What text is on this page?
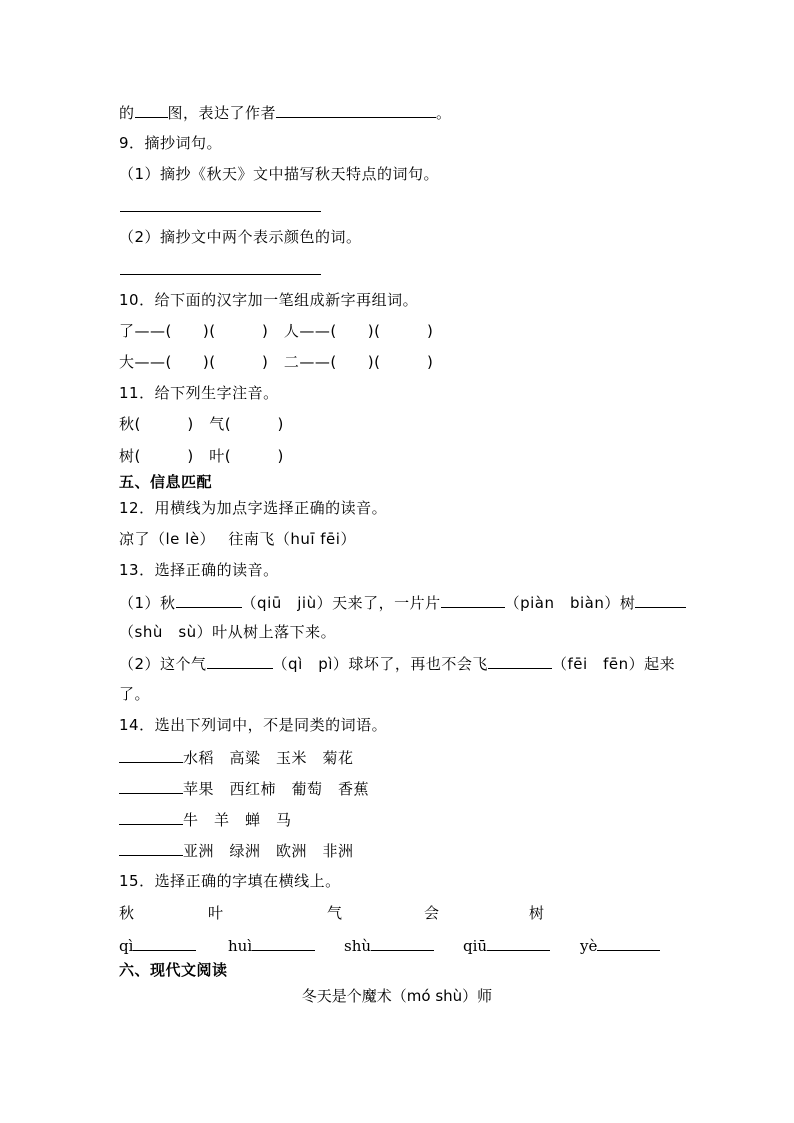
的 图，表达了作者	。
9．摘抄词句。
（1）摘抄《秋天》文中描写秋天特点的词句。
（2）摘抄文中两个表示颜色的词。
10．给下面的汉字加一笔组成新字再组词。
了——(　　)(　　　)　人——(　　)(　　　)
大——(　　)(　　　)　二——(　　)(　　　)
11．给下列生字注音。
秋(　　　)　气(　　　)
树(　　　)　叶(　　　)
五、信息匹配
12．用横线为加点字选择正确的读音。
凉了（le lè）　 往南飞（huī fēi）
13．选择正确的读音。
（1）秋	（qiū　jiù）天来了，一片片	（piàn　biàn）树
（shù　sù）叶从树上落下来。
（2）这个气	（qì　pì）球坏了，再也不会飞	（fēi　fēn）起来
了。
14．选出下列词中，不是同类的词语。
水稻　高粱　玉米　菊花
苹果　西红柿　葡萄　香蕉
牛　羊　蝉　马
亚洲　绿洲　欧洲　非洲
15．选择正确的字填在横线上。
秋	叶	气	会	树
qì	huì	shù	qiū	yè
六、现代文阅读
冬天是个魔术（mó shù）师
